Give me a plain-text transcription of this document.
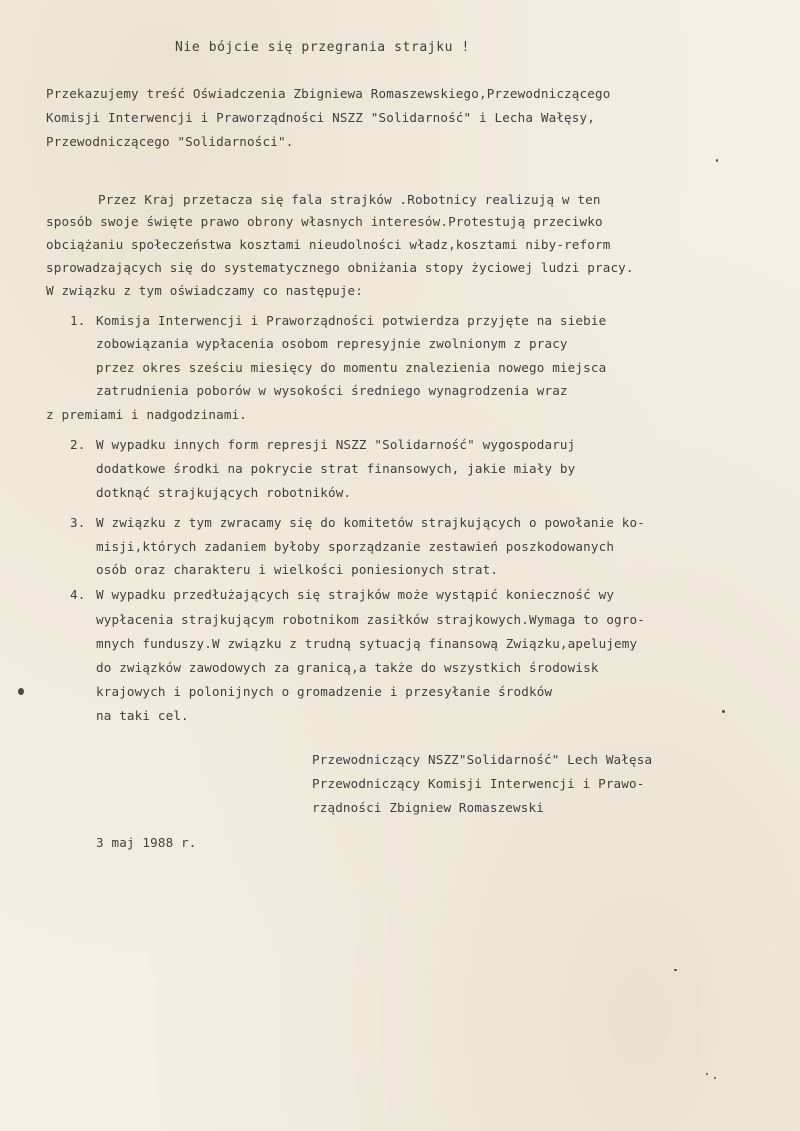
Nie bójcie się przegrania strajku !

Przekazujemy treść Oświadczenia Zbigniewa Romaszewskiego,Przewodniczącego

Komisji Interwencji i Praworządności NSZZ "Solidarność" i Lecha Wałęsy,

Przewodniczącego "Solidarności".

Przez Kraj przetacza się fala strajków .Robotnicy realizują w ten

sposób swoje święte prawo obrony własnych interesów.Protestują przeciwko

obciążaniu społeczeństwa kosztami nieudolności władz,kosztami niby-reform

sprowadzających się do systematycznego obniżania stopy życiowej ludzi pracy.

W związku z tym oświadczamy co następuje:

1. Komisja Interwencji i Praworządności potwierdza przyjęte na siebie

zobowiązania wypłacenia osobom represyjnie zwolnionym z pracy

przez okres sześciu miesięcy do momentu znalezienia nowego miejsca

zatrudnienia poborów w wysokości średniego wynagrodzenia wraz

z premiami i nadgodzinami.

2. W wypadku innych form represji NSZZ "Solidarność" wygospodaruj

dodatkowe środki na pokrycie strat finansowych, jakie miały by

dotknąć strajkujących robotników.

3. W związku z tym zwracamy się do komitetów strajkujących o powołanie ko-

misji,których zadaniem byłoby sporządzanie zestawień poszkodowanych

osób oraz charakteru i wielkości poniesionych strat.

4. W wypadku przedłużających się strajków może wystąpić konieczność wy

wypłacenia strajkującym robotnikom zasiłków strajkowych.Wymaga to ogro-

mnych funduszy.W związku z trudną sytuacją finansową Związku,apelujemy

do związków zawodowych za granicą,a także do wszystkich środowisk

krajowych i polonijnych o gromadzenie i przesyłanie środków

na taki cel.

Przewodniczący NSZZ"Solidarność" Lech Wałęsa

Przewodniczący Komisji Interwencji i Prawo-

rządności Zbigniew Romaszewski

3 maj 1988 r.
